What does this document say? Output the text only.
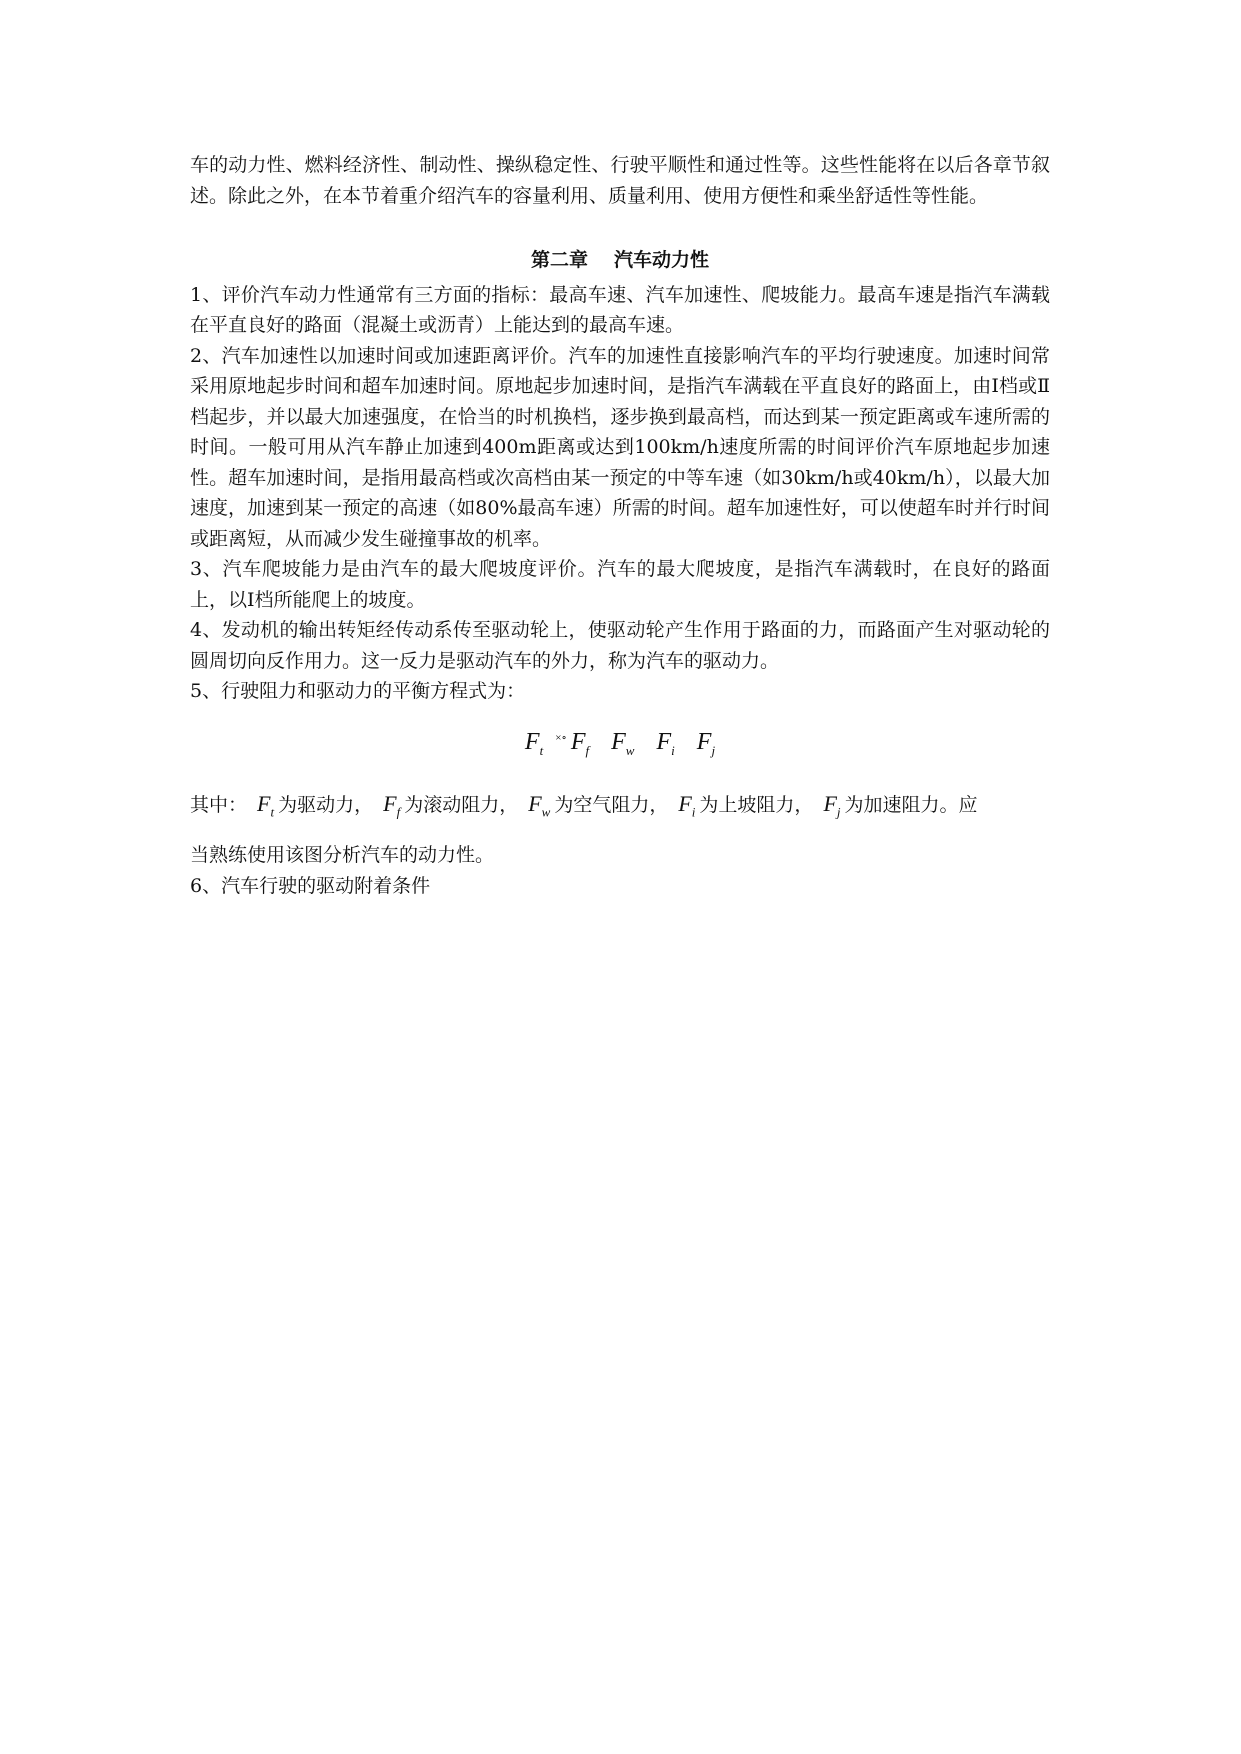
车的动力性、燃料经济性、制动性、操纵稳定性、行驶平顺性和通过性等。这些性能将在以后各章节叙述。除此之外，在本节着重介绍汽车的容量利用、质量利用、使用方便性和乘坐舒适性等性能。

第二章 汽车动力性

1、评价汽车动力性通常有三方面的指标：最高车速、汽车加速性、爬坡能力。最高车速是指汽车满载在平直良好的路面（混凝土或沥青）上能达到的最高车速。

2、汽车加速性以加速时间或加速距离评价。汽车的加速性直接影响汽车的平均行驶速度。加速时间常采用原地起步时间和超车加速时间。原地起步加速时间，是指汽车满载在平直良好的路面上，由Ⅰ档或Ⅱ档起步，并以最大加速强度，在恰当的时机换档，逐步换到最高档，而达到某一预定距离或车速所需的时间。一般可用从汽车静止加速到400m距离或达到100km/h速度所需的时间评价汽车原地起步加速性。超车加速时间，是指用最高档或次高档由某一预定的中等车速（如30km/h或40km/h），以最大加速度，加速到某一预定的高速（如80%最高车速）所需的时间。超车加速性好，可以使超车时并行时间或距离短，从而减少发生碰撞事故的机率。

3、汽车爬坡能力是由汽车的最大爬坡度评价。汽车的最大爬坡度，是指汽车满载时，在良好的路面上，以Ⅰ档所能爬上的坡度。

4、发动机的输出转矩经传动系传至驱动轮上，使驱动轮产生作用于路面的力，而路面产生对驱动轮的圆周切向反作用力。这一反力是驱动汽车的外力，称为汽车的驱动力。

5、行驶阻力和驱动力的平衡方程式为：

$F_t^{\times\circ}$ $F_f$ $F_w$ $F_i$ $F_j$

其中： $F_t$ 为驱动力， $F_f$ 为滚动阻力， $F_w$ 为空气阻力， $F_i$ 为上坡阻力， $F_j$ 为加速阻力。应

当熟练使用该图分析汽车的动力性。

6、汽车行驶的驱动附着条件
